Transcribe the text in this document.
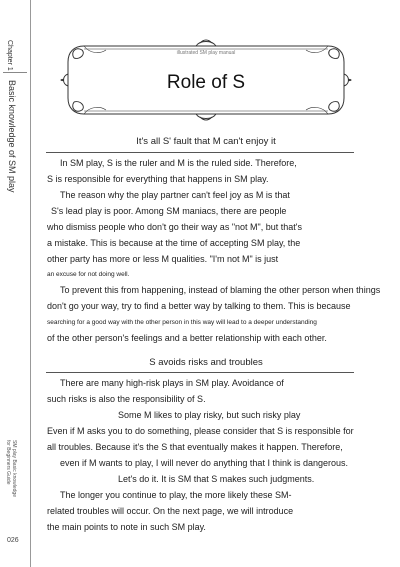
Chapter 1
Basic knowledge of SM play
SM play Basic knowledge
for Beginners Guide
026
illustrated SM play manual
Role of S
It's all S' fault that M can't enjoy it
In SM play, S is the ruler and M is the ruled side. Therefore,
S is responsible for everything that happens in SM play.
The reason why the play partner can't feel joy as M is that
S's lead play is poor. Among SM maniacs, there are people
who dismiss people who don't go their way as "not M", but that's
a mistake. This is because at the time of accepting SM play, the
other party has more or less M qualities. "I'm not M" is just
an excuse for not doing well.
To prevent this from happening, instead of blaming the other person when things
don't go your way, try to find a better way by talking to them. This is because
searching for a good way with the other person in this way will lead to a deeper understanding
of the other person's feelings and a better relationship with each other.
S avoids risks and troubles
There are many high-risk plays in SM play. Avoidance of
such risks is also the responsibility of S.
Some M likes to play risky, but such risky play
Even if M asks you to do something, please consider that S is responsible for
all troubles. Because it's the S that eventually makes it happen. Therefore,
even if M wants to play, I will never do anything that I think is dangerous.
Let's do it. It is SM that S makes such judgments.
The longer you continue to play, the more likely these SM-
related troubles will occur. On the next page, we will introduce
the main points to note in such SM play.
